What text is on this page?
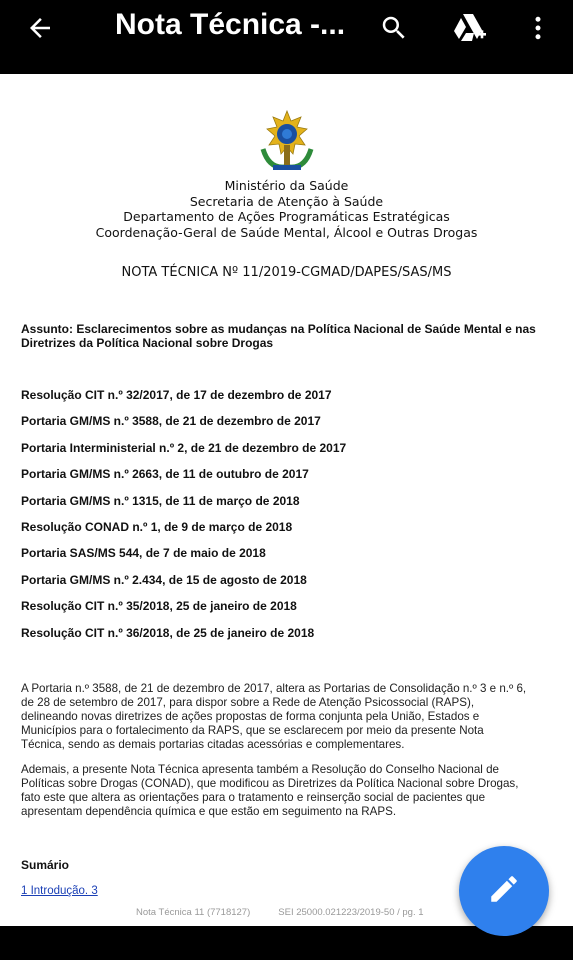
Nota Técnica -...
Ministério da Saúde
Secretaria de Atenção à Saúde
Departamento de Ações Programáticas Estratégicas
Coordenação-Geral de Saúde Mental, Álcool e Outras Drogas
NOTA TÉCNICA Nº 11/2019-CGMAD/DAPES/SAS/MS
Assunto: Esclarecimentos sobre as mudanças na Política Nacional de Saúde Mental e nas Diretrizes da Política Nacional sobre Drogas
Resolução CIT n.º 32/2017, de 17 de dezembro de 2017
Portaria GM/MS n.º 3588, de 21 de dezembro de 2017
Portaria Interministerial n.º 2, de 21 de dezembro de 2017
Portaria GM/MS n.º 2663, de 11 de outubro de 2017
Portaria GM/MS n.º 1315, de 11 de março de 2018
Resolução CONAD n.º 1, de 9 de março de 2018
Portaria SAS/MS 544, de 7 de maio de 2018
Portaria GM/MS n.º 2.434, de 15 de agosto de 2018
Resolução CIT n.º 35/2018, 25 de janeiro de 2018
Resolução CIT n.º 36/2018, de 25 de janeiro de 2018
A Portaria n.º 3588, de 21 de dezembro de 2017, altera as Portarias de Consolidação n.º 3 e n.º 6,
de 28 de setembro de 2017, para dispor sobre a Rede de Atenção Psicossocial (RAPS),
delineando novas diretrizes de ações propostas de forma conjunta pela União, Estados e
Municípios para o fortalecimento da RAPS, que se esclarecem por meio da presente Nota
Técnica, sendo as demais portarias citadas acessórias e complementares.
Ademais, a presente Nota Técnica apresenta também a Resolução do Conselho Nacional de
Políticas sobre Drogas (CONAD), que modificou as Diretrizes da Política Nacional sobre Drogas,
fato este que altera as orientações para o tratamento e reinserção social de pacientes que
apresentam dependência química e que estão em seguimento na RAPS.
Sumário
1 Introdução. 3
Nota Técnica 11 (7718127)	SEI 25000.021223/2019-50 / pg. 1
